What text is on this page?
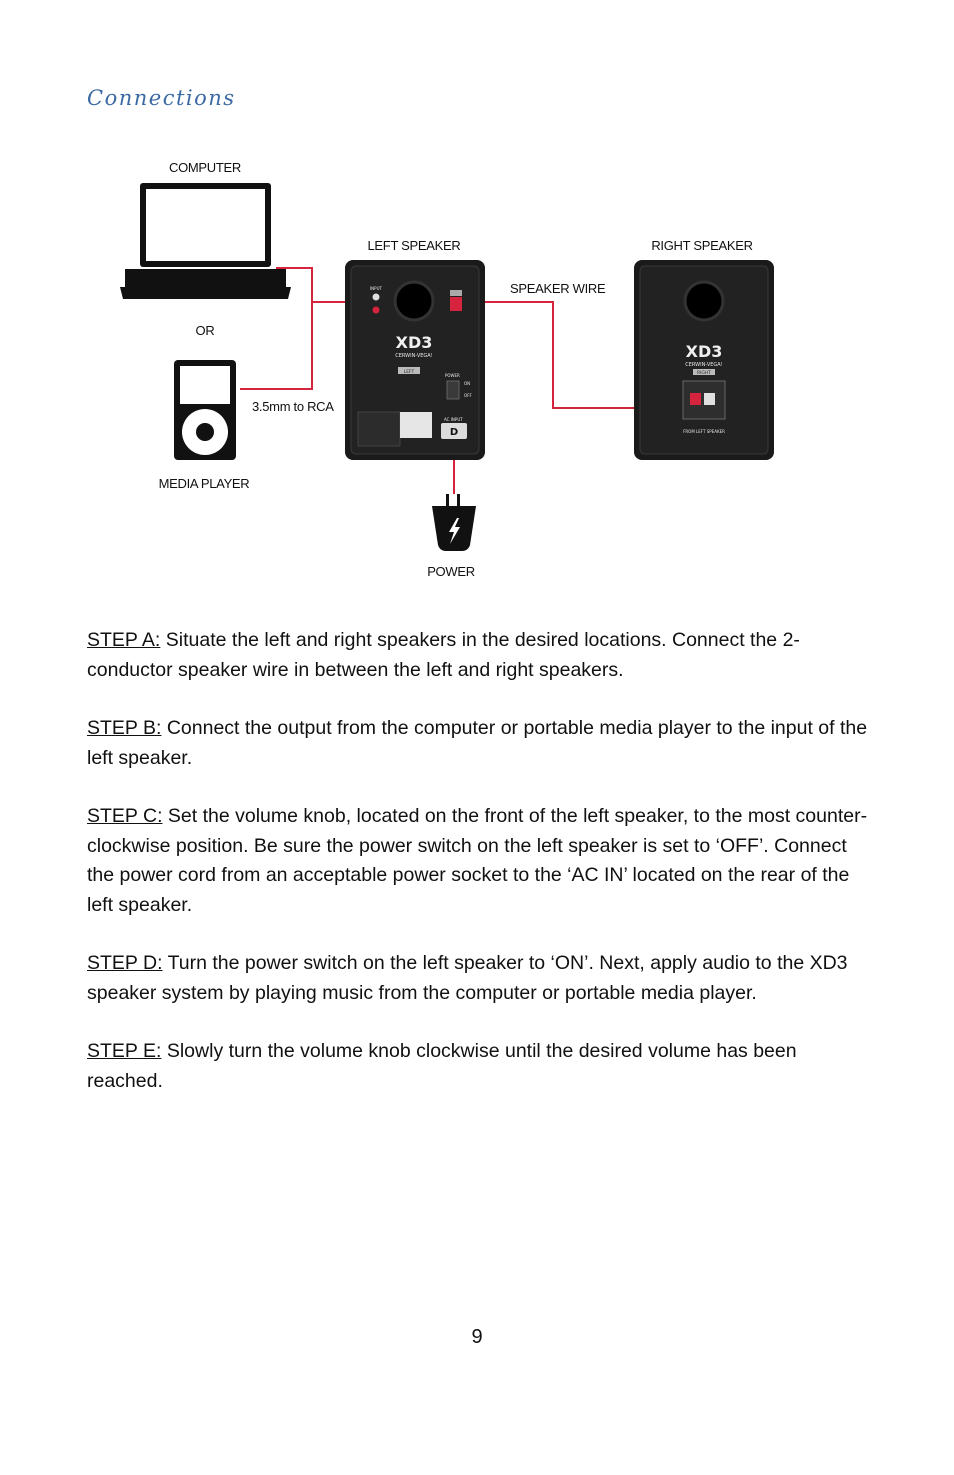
Connections
COMPUTER
OR
MEDIA PLAYER
3.5mm to RCA
LEFT SPEAKER
INPUT
XD3
CERWIN-VEGA!
LEFT
POWER
ON
OFF
AC INPUT
D
RIGHT SPEAKER
XD3
CERWIN-VEGA!
RIGHT
FROM LEFT SPEAKER
SPEAKER WIRE
POWER

STEP A: Situate the left and right speakers in the desired locations. Connect the 2-conductor speaker wire in between the left and right speakers.

STEP B: Connect the output from the computer or portable media player to the input of the left speaker.

STEP C: Set the volume knob, located on the front of the left speaker, to the most counter-clockwise position. Be sure the power switch on the left speaker is set to ‘OFF’. Connect the power cord from an acceptable power socket to the ‘AC IN’ located on the rear of the left speaker.

STEP D: Turn the power switch on the left speaker to ‘ON’. Next, apply audio to the XD3 speaker system by playing music from the computer or portable media player.

STEP E: Slowly turn the volume knob clockwise until the desired volume has been reached.

9
